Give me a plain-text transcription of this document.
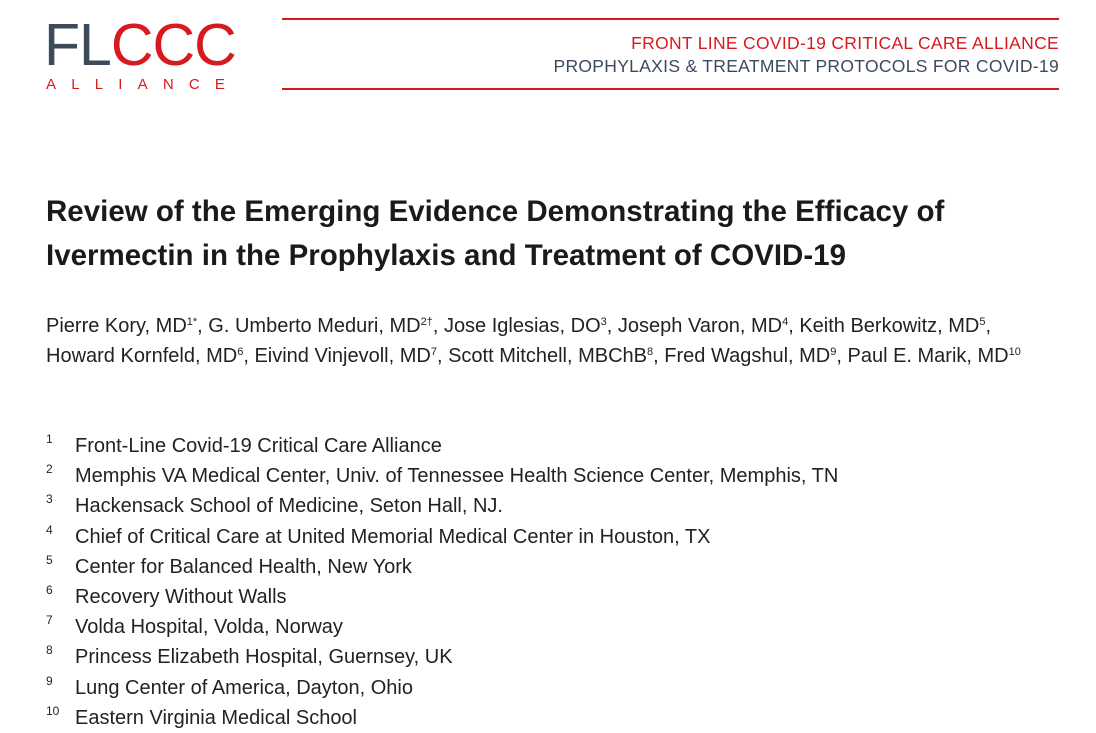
FLCCC
ALLIANCE
FRONT LINE COVID-19 CRITICAL CARE ALLIANCE
PROPHYLAXIS & TREATMENT PROTOCOLS FOR COVID-19
Review of the Emerging Evidence Demonstrating the Efficacy of
Ivermectin in the Prophylaxis and Treatment of COVID-19
Pierre Kory, $MD^{1*}$, G. Umberto Meduri, $MD^{2\dagger}$, Jose Iglesias, $DO^3$, Joseph Varon, $MD^4$, Keith Berkowitz, $MD^5$, Howard Kornfeld, $MD^6$, Eivind Vinjevoll, $MD^7$, Scott Mitchell, MBChB$^8$, Fred Wagshul, $MD^9$, Paul E. Marik, MD$^{10}$
1 Front-Line Covid-19 Critical Care Alliance
2 Memphis VA Medical Center, Univ. of Tennessee Health Science Center, Memphis, TN
3 Hackensack School of Medicine, Seton Hall, NJ.
4 Chief of Critical Care at United Memorial Medical Center in Houston, TX
5 Center for Balanced Health, New York
6 Recovery Without Walls
7 Volda Hospital, Volda, Norway
8 Princess Elizabeth Hospital, Guernsey, UK
9 Lung Center of America, Dayton, Ohio
10 Eastern Virginia Medical School
